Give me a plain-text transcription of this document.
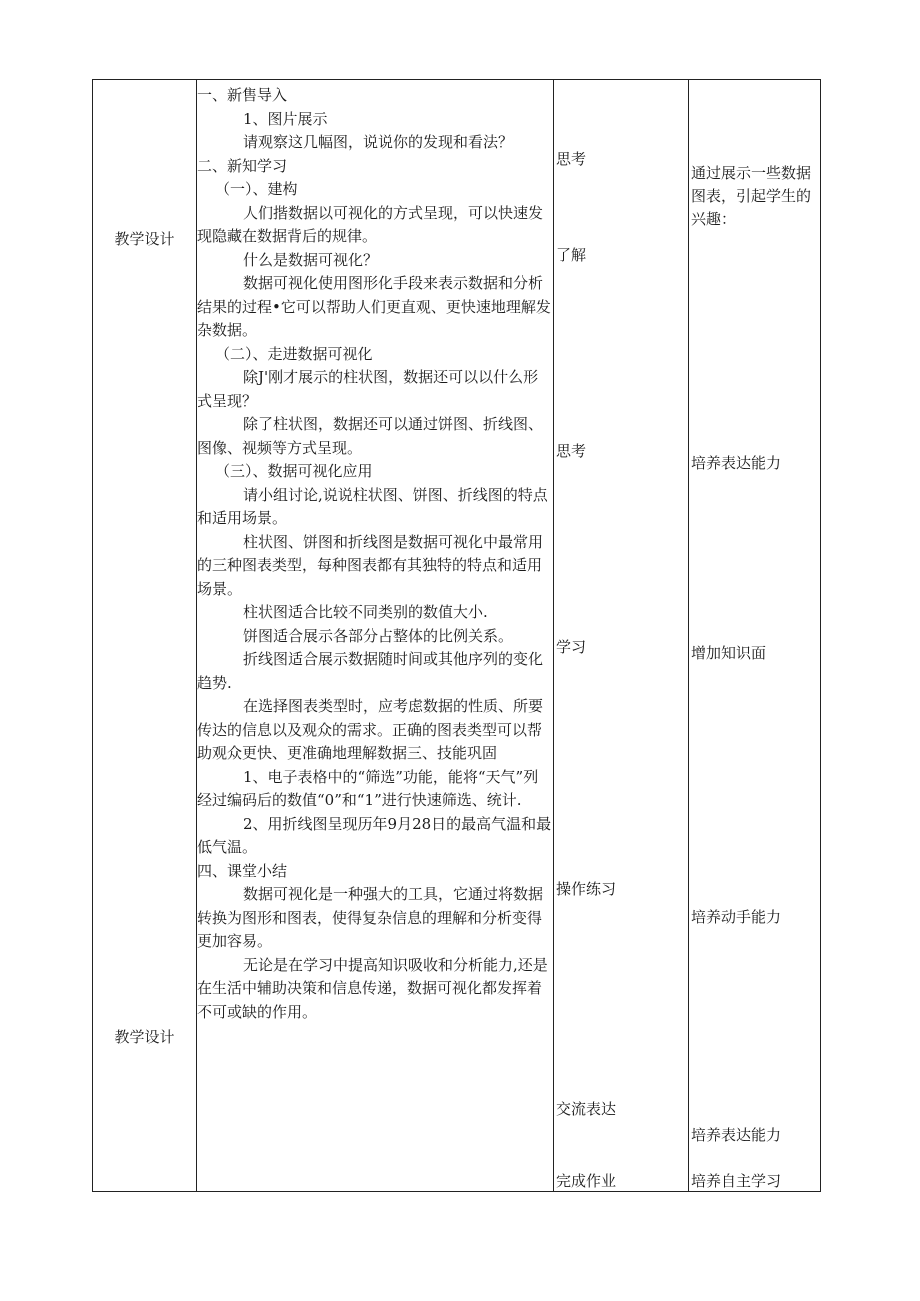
教学设计
教学设计

一、新售导入

1、图片展示

请观察这几幅图，说说你的发现和看法？

二、新知学习

（一）、建构

人们揩数据以可视化的方式呈现，可以快速发现隐藏在数据背后的规律。

什么是数据可视化？

数据可视化使用图形化手段来表示数据和分析结果的过程•它可以帮助人们更直观、更快速地理解发杂数据。

（二）、走进数据可视化

除J'刚才展示的柱状图，数据还可以以什么形式呈现？

除了柱状图，数据还可以通过饼图、折线图、图像、视频等方式呈现。

（三）、数据可视化应用

请小组讨论,说说柱状图、饼图、折线图的特点和适用场景。

柱状图、饼图和折线图是数据可视化中最常用的三种图表类型，每种图表都有其独特的特点和适用场景。

柱状图适合比较不同类别的数值大小.

饼图适合展示各部分占整体的比例关系。

折线图适合展示数据随时间或其他序列的变化趋势.

在选择图表类型时，应考虑数据的性质、所要传达的信息以及观众的需求。正确的图表类型可以帮助观众更快、更准确地理解数据三、技能巩固

1、电子表格中的“筛选”功能，能将“天气”列经过编码后的数值“0”和“1”进行快速筛选、统计.

2、用折线图呈现历年9月28日的最高气温和最低气温。

四、课堂小结

数据可视化是一种强大的工具，它通过将数据转换为图形和图表，使得复杂信息的理解和分析变得更加容易。

无论是在学习中提高知识吸收和分析能力,还是在生活中辅助决策和信息传递，数据可视化都发挥着不可或缺的作用。

思考
了解
思考
学习
操作练习
交流表达
完成作业
通过展示一些数据图表，引起学生的兴趣：
培养表达能力
增加知识面
培养动手能力
培养表达能力
培养自主学习
